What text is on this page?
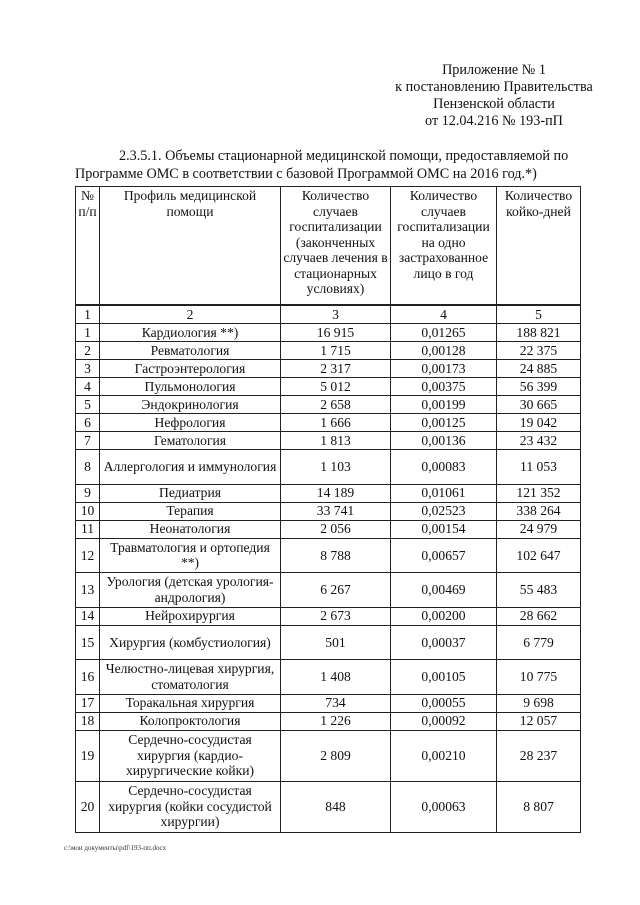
Приложение № 1
к постановлению Правительства
Пензенской области
от 12.04.216 № 193-пП
2.3.5.1. Объемы стационарной медицинской помощи, предоставляемой по
Программе ОМС в соответствии с базовой Программой ОМС на 2016 год.*)
№ п/п	Профиль медицинской помощи	Количество случаев госпитализации (законченных случаев лечения в стационарных условиях)	Количество случаев госпитализации на одно застрахованное лицо в год	Количество койко-дней
1	2	3	4	5
1	Кардиология **)	16 915	0,01265	188 821
2	Ревматология	1 715	0,00128	22 375
3	Гастроэнтерология	2 317	0,00173	24 885
4	Пульмонология	5 012	0,00375	56 399
5	Эндокринология	2 658	0,00199	30 665
6	Нефрология	1 666	0,00125	19 042
7	Гематология	1 813	0,00136	23 432
8	Аллергология и иммунология	1 103	0,00083	11 053
9	Педиатрия	14 189	0,01061	121 352
10	Терапия	33 741	0,02523	338 264
11	Неонатология	2 056	0,00154	24 979
12	Травматология и ортопедия **)	8 788	0,00657	102 647
13	Урология (детская урология-андрология)	6 267	0,00469	55 483
14	Нейрохирургия	2 673	0,00200	28 662
15	Хирургия (комбустиология)	501	0,00037	6 779
16	Челюстно-лицевая хирургия, стоматология	1 408	0,00105	10 775
17	Торакальная хирургия	734	0,00055	9 698
18	Колопроктология	1 226	0,00092	12 057
19	Сердечно-сосудистая хирургия (кардио-хирургические койки)	2 809	0,00210	28 237
20	Сердечно-сосудистая хирургия (койки сосудистой хирургии)	848	0,00063	8 807
c:\мои документы\pdf\193-пп.docx
